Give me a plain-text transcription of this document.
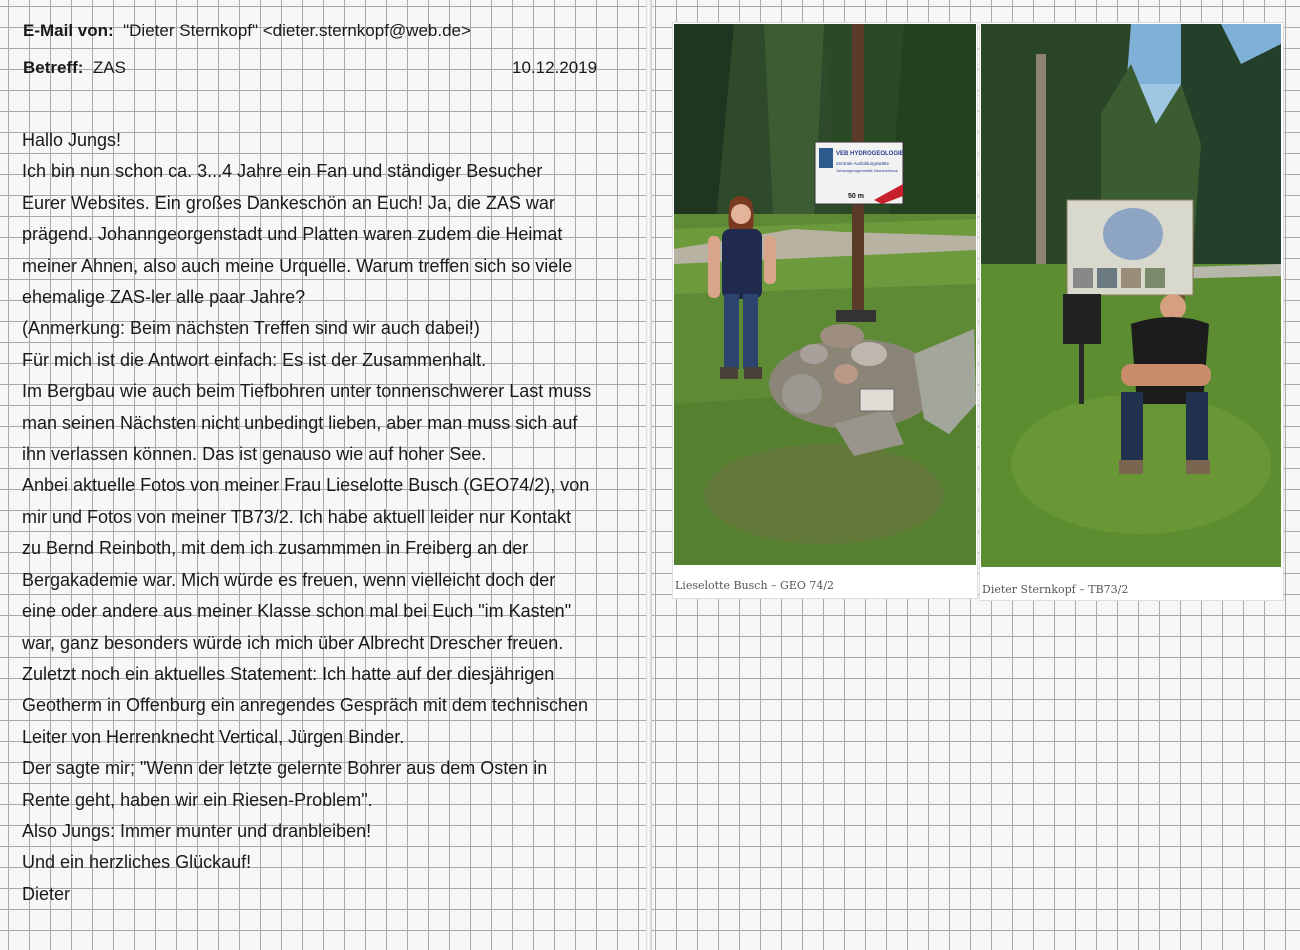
E-Mail von: "Dieter Sternkopf" <dieter.sternkopf@web.de>
Betreff: ZAS	10.12.2019
Hallo Jungs!
Ich bin nun schon ca. 3...4 Jahre ein Fan und ständiger Besucher
Eurer Websites. Ein großes Dankeschön an Euch! Ja, die ZAS war
prägend. Johanngeorgenstadt und Platten waren zudem die Heimat
meiner Ahnen, also auch meine Urquelle. Warum treffen sich so viele
ehemalige ZAS-ler alle paar Jahre?
(Anmerkung: Beim nächsten Treffen sind wir auch dabei!)
Für mich ist die Antwort einfach: Es ist der Zusammenhalt.
Im Bergbau wie auch beim Tiefbohren unter tonnenschwerer Last muss
man seinen Nächsten nicht unbedingt lieben, aber man muss sich auf
ihn verlassen können. Das ist genauso wie auf hoher See.
Anbei aktuelle Fotos von meiner Frau Lieselotte Busch (GEO74/2), von
mir und Fotos von meiner TB73/2. Ich habe aktuell leider nur Kontakt
zu Bernd Reinboth, mit dem ich zusammmen in Freiberg an der
Bergakademie war. Mich würde es freuen, wenn vielleicht doch der
eine oder andere aus meiner Klasse schon mal bei Euch "im Kasten"
war, ganz besonders würde ich mich über Albrecht Drescher freuen.
Zuletzt noch ein aktuelles Statement: Ich hatte auf der diesjährigen
Geotherm in Offenburg ein anregendes Gespräch mit dem technischen
Leiter von Herrenknecht Vertical, Jürgen Binder.
Der sagte mir; "Wenn der letzte gelernte Bohrer aus dem Osten in
Rente geht, haben wir ein Riesen-Problem".
Also Jungs: Immer munter und dranbleiben!
Und ein herzliches Glückauf!
Dieter
VEB HYDROGEOLOGIE
Zentrale Ausbildungsstätte
Johanngeorgenstadt-Neuoberhaus
50 m
Lieselotte Busch – GEO 74/2	Dieter Sternkopf – TB73/2
